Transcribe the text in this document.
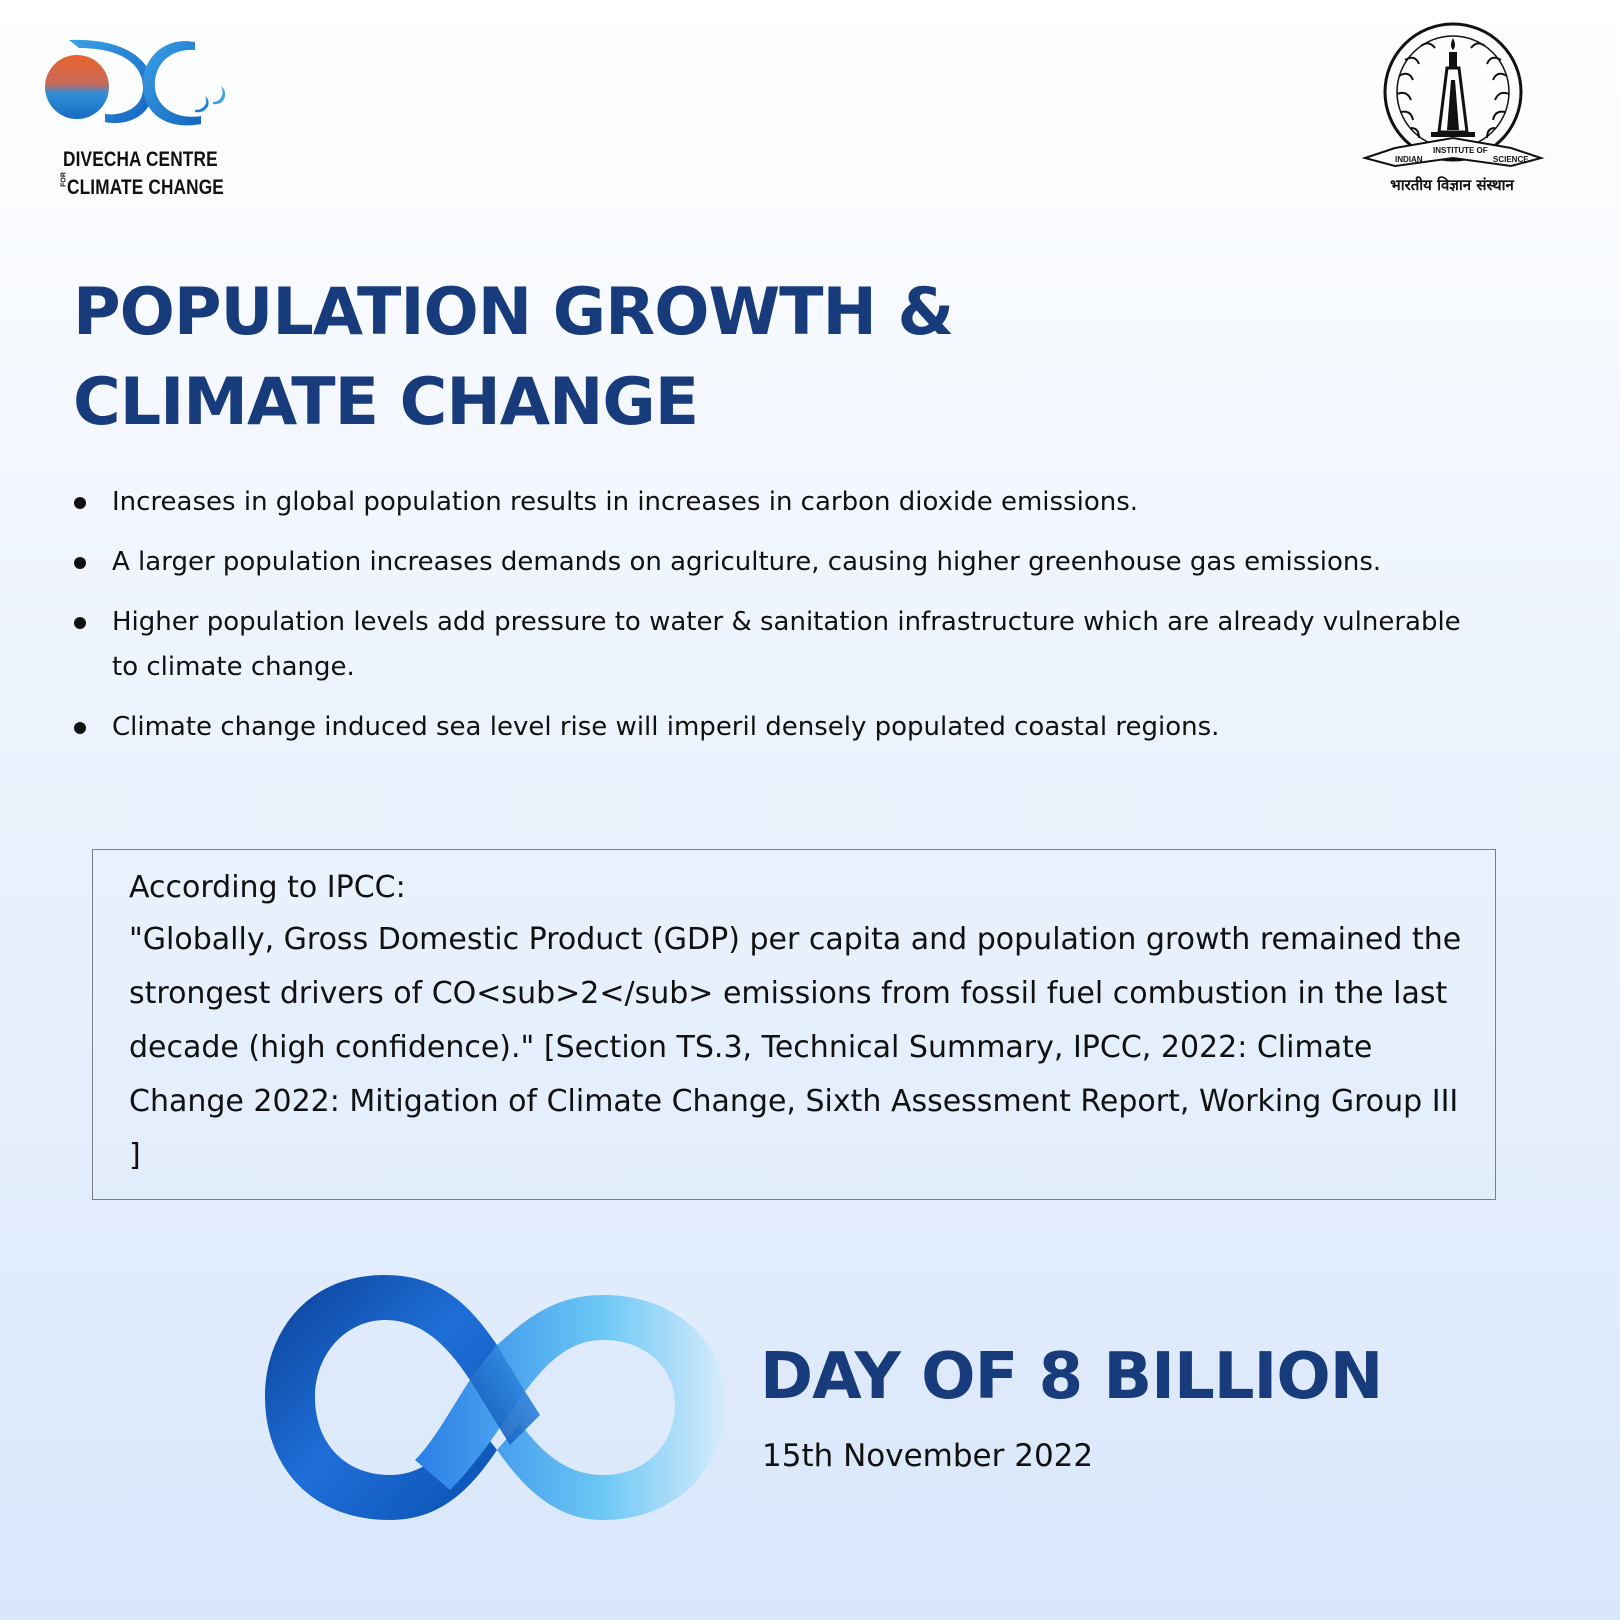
DIVECHA CENTRE
FOR CLIMATE CHANGE
INDIAN
INSTITUTE OF
SCIENCE
भारतीय विज्ञान संस्थान
POPULATION GROWTH &
CLIMATE CHANGE
Increases in global population results in increases in carbon dioxide emissions.
A larger population increases demands on agriculture, causing higher greenhouse gas emissions.
Higher population levels add pressure to water & sanitation infrastructure which are already vulnerable to climate change.
Climate change induced sea level rise will imperil densely populated coastal regions.
According to IPCC:

"Globally, Gross Domestic Product (GDP) per capita and population growth remained the strongest drivers of CO<sub>2</sub> emissions from fossil fuel combustion in the last decade (high confidence)." [Section TS.3, Technical Summary, IPCC, 2022: Climate Change 2022: Mitigation of Climate Change, Sixth Assessment Report, Working Group III ]

DAY OF 8 BILLION
15th November 2022
